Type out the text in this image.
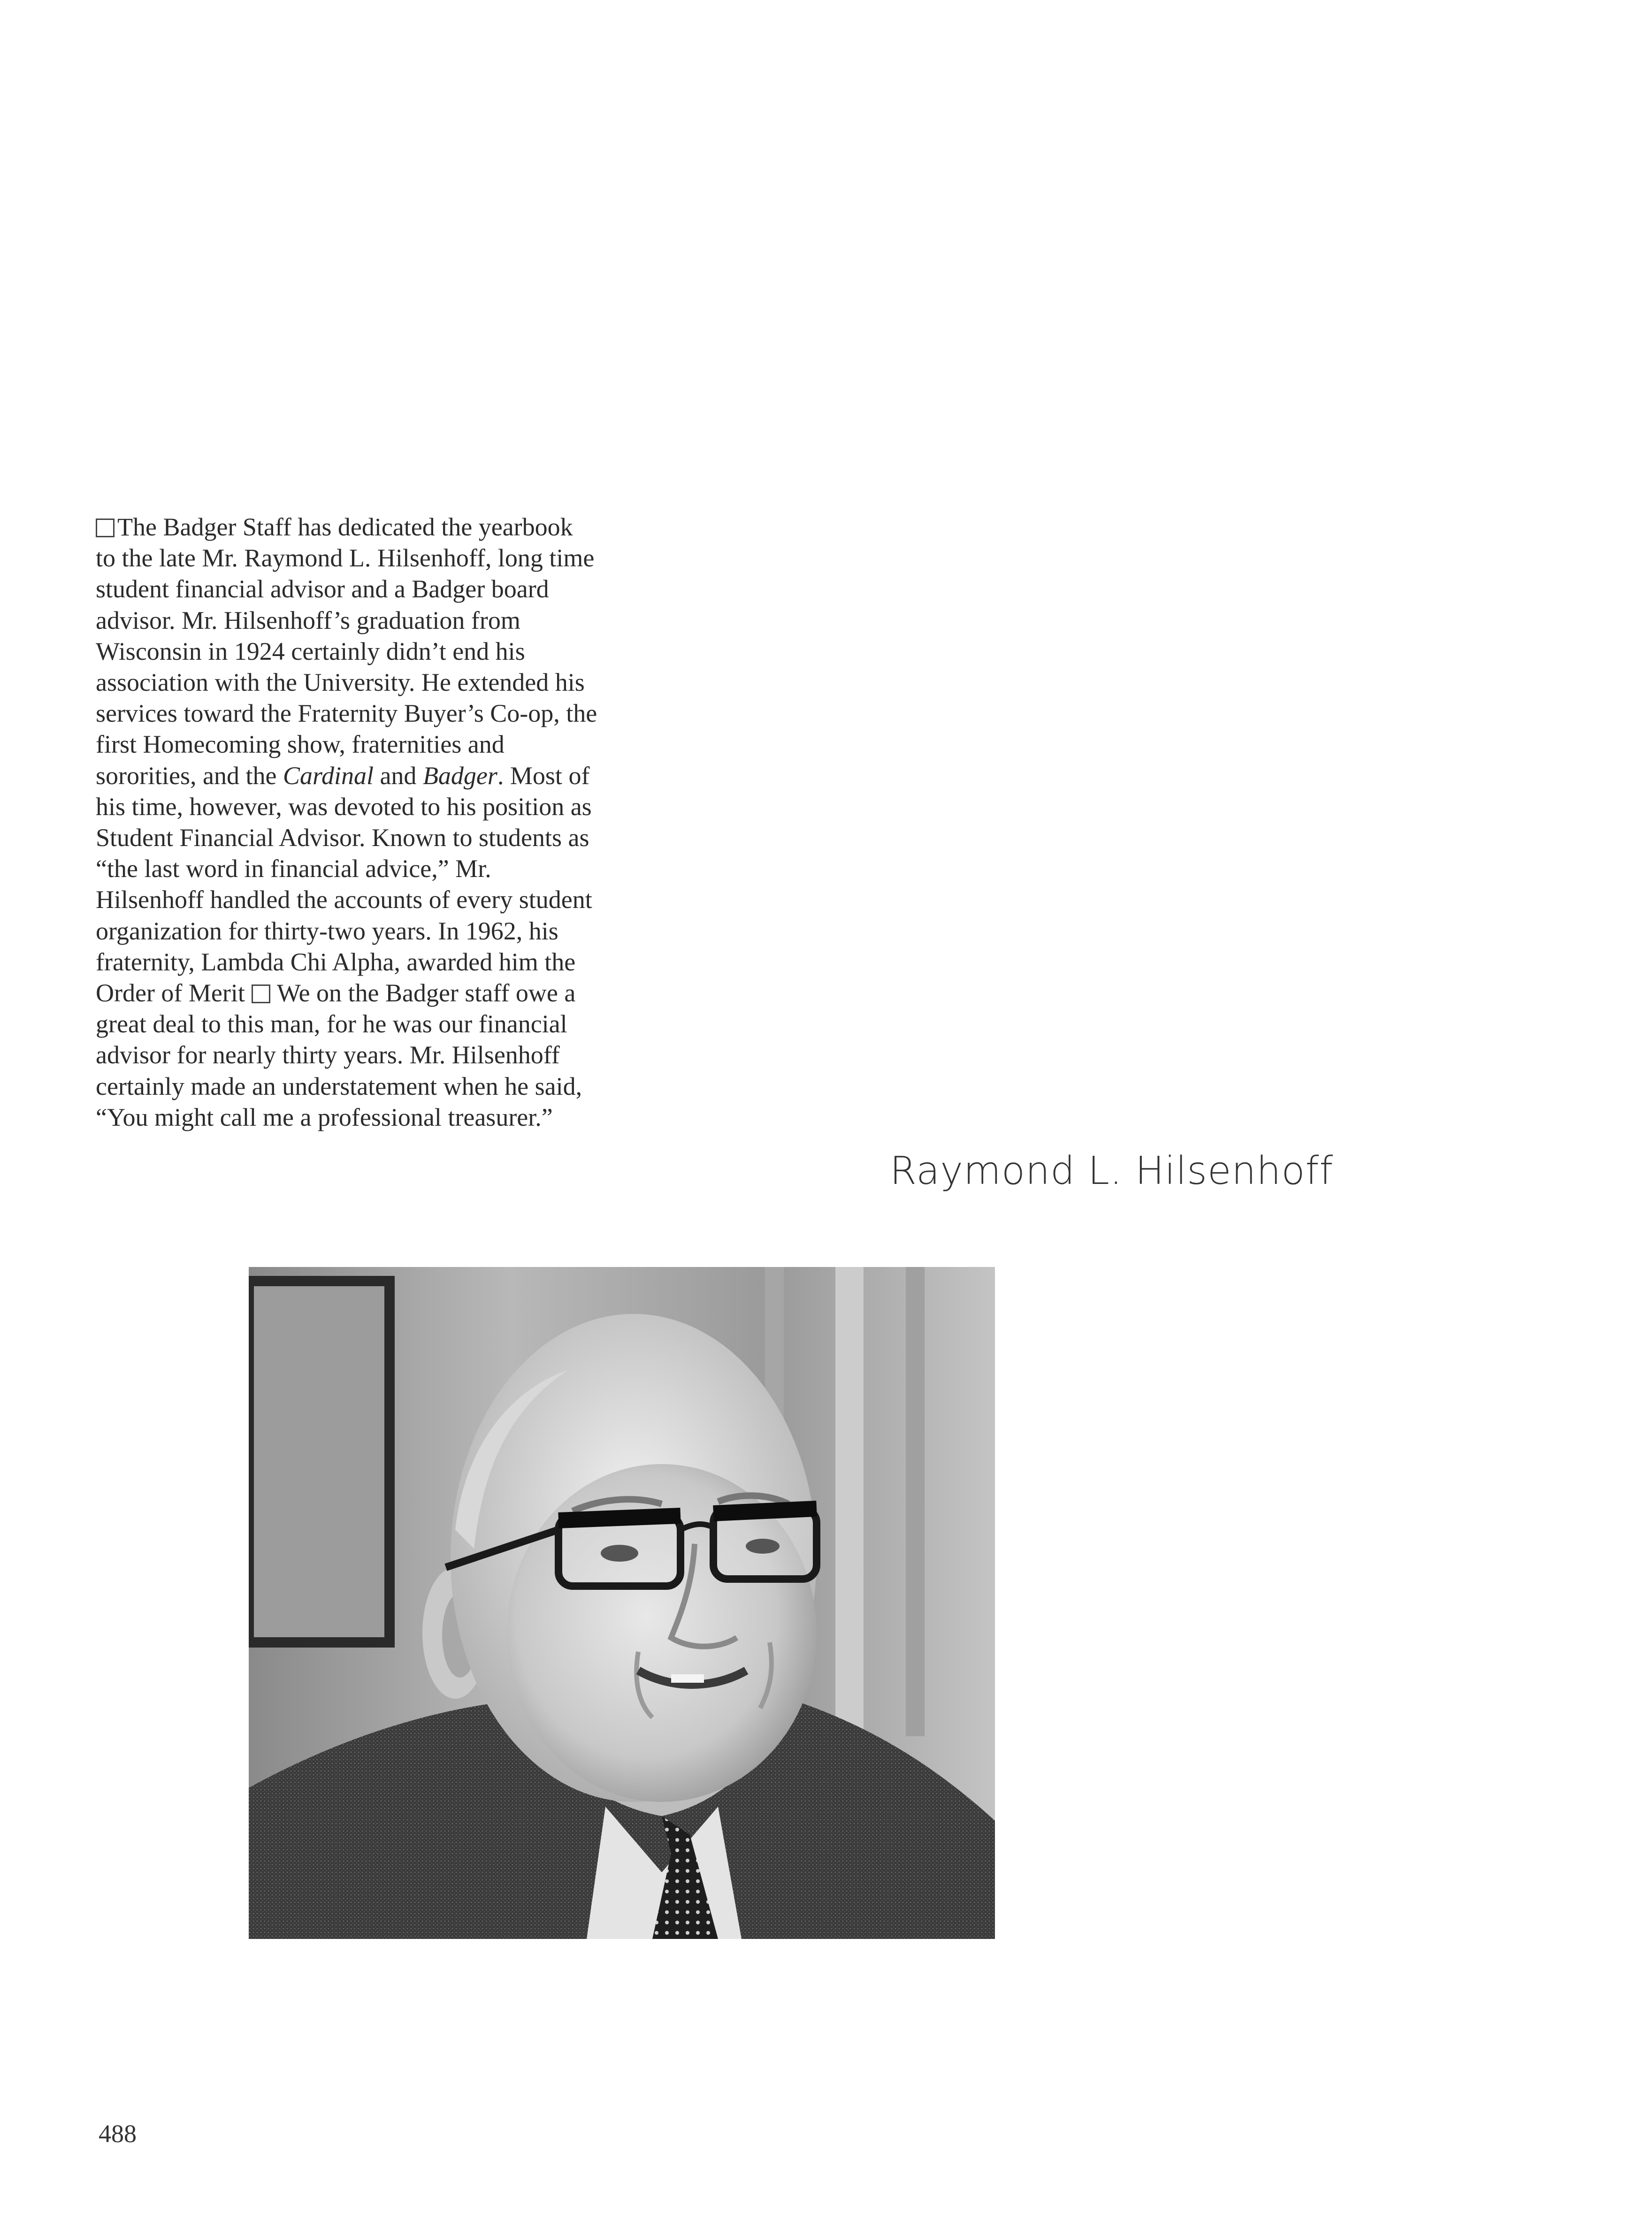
The Badger Staff has dedicated the yearbook
to the late Mr. Raymond L. Hilsenhoff, long time
student financial advisor and a Badger board
advisor. Mr. Hilsenhoff’s graduation from
Wisconsin in 1924 certainly didn’t end his
association with the University. He extended his
services toward the Fraternity Buyer’s Co-op, the
first Homecoming show, fraternities and
sororities, and the Cardinal and Badger. Most of
his time, however, was devoted to his position as
Student Financial Advisor. Known to students as
“the last word in financial advice,” Mr.
Hilsenhoff handled the accounts of every student
organization for thirty-two years. In 1962, his
fraternity, Lambda Chi Alpha, awarded him the
Order of Merit We on the Badger staff owe a
great deal to this man, for he was our financial
advisor for nearly thirty years. Mr. Hilsenhoff
certainly made an understatement when he said,
“You might call me a professional treasurer.”
Raymond L. Hilsenhoff
488
